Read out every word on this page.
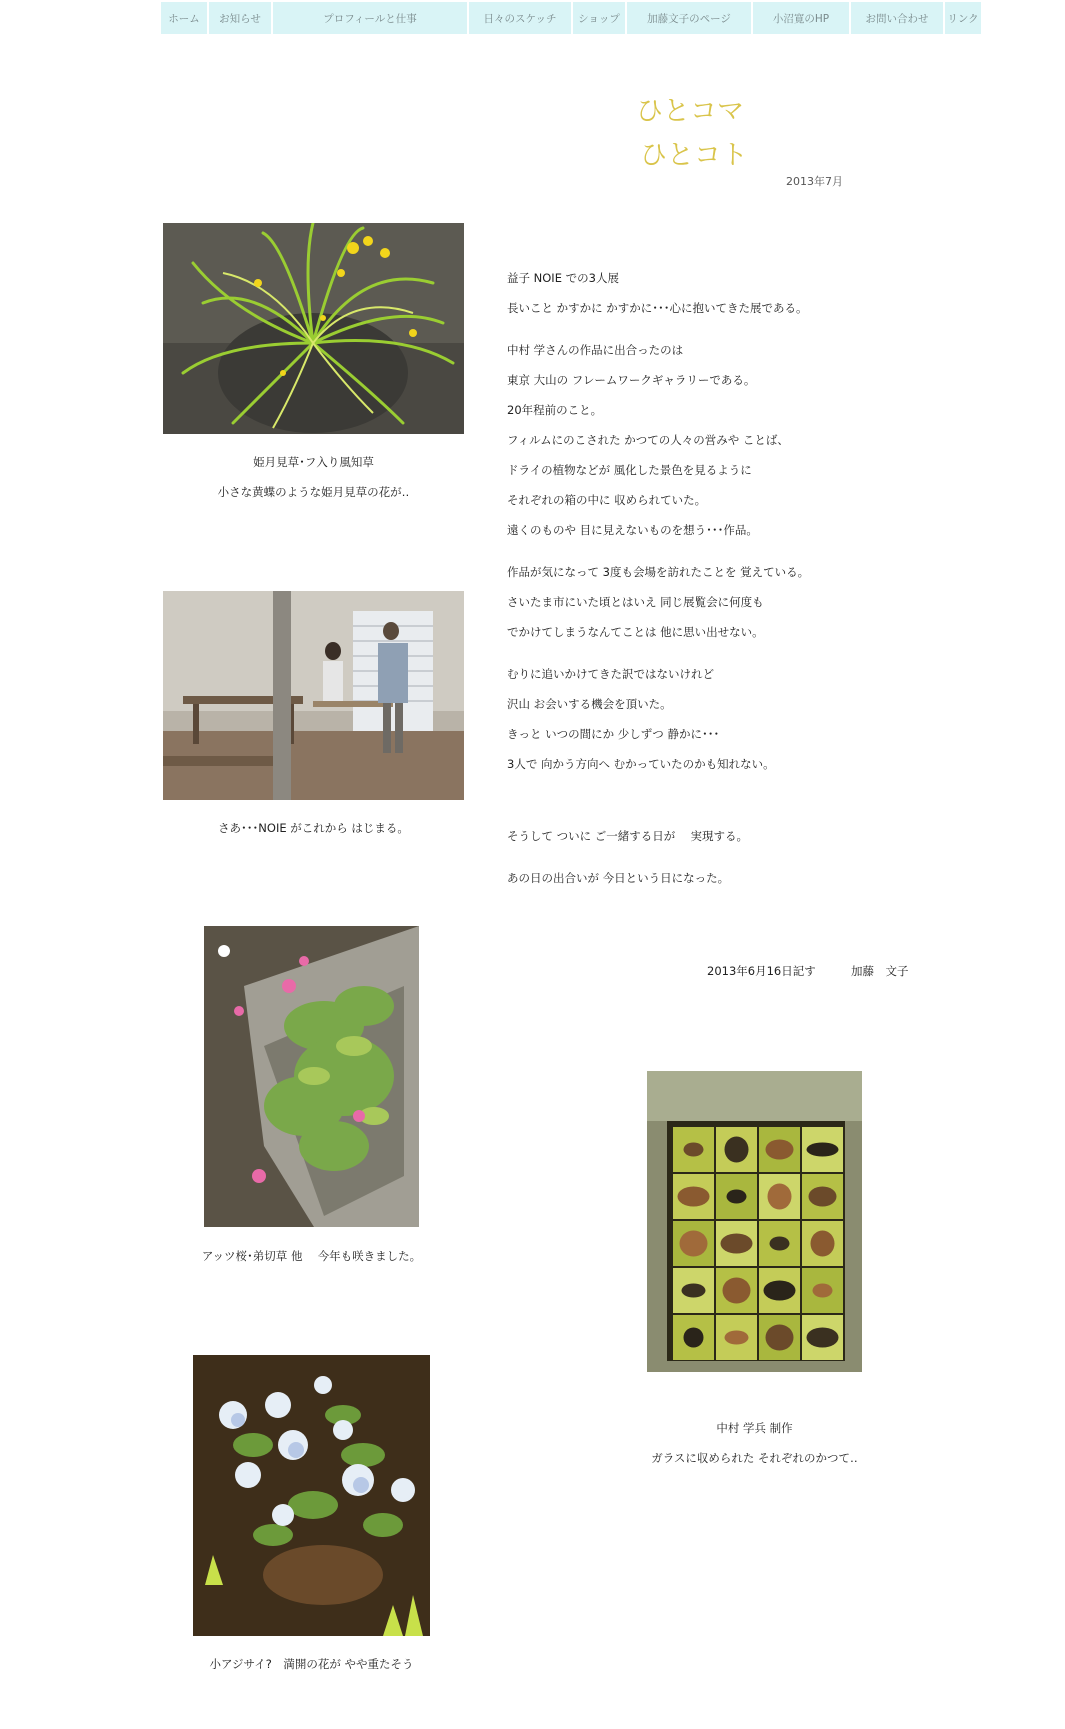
ホーム	お知らせ	プロフィールと仕事	日々のスケッチ	ショップ	加藤文子のページ	小沼寛のHP	お問い合わせ	リンク
ひとコマ
ひとコト
2013年7月
姫月見草･フ入り風知草
小さな黄蝶のような姫月見草の花が‥
さあ･･･NOIE がこれから はじまる。
アッツ桜･弟切草 他 　今年も咲きました。
中村 学兵 制作
ガラスに収められた それぞれのかつて‥
小アジサイ?　満開の花が やや重たそう
益子 NOIE での3人展
長いこと かすかに かすかに･･･心に抱いてきた展である。
中村 学さんの作品に出合ったのは
東京 大山の フレームワークギャラリーである。
20年程前のこと。
フィルムにのこされた かつての人々の営みや ことば、
ドライの植物などが 風化した景色を見るように
それぞれの箱の中に 収められていた。
遠くのものや 目に見えないものを想う･･･作品。
作品が気になって 3度も会場を訪れたことを 覚えている。
さいたま市にいた頃とはいえ 同じ展覧会に何度も
でかけてしまうなんてことは 他に思い出せない。
むりに追いかけてきた訳ではないけれど
沢山 お会いする機会を頂いた。
きっと いつの間にか 少しずつ 静かに･･･
3人で 向かう方向へ むかっていたのかも知れない。
そうして ついに ご一緒する日が 　実現する。
あの日の出合いが 今日という日になった。
2013年6月16日記す	加藤　文子
